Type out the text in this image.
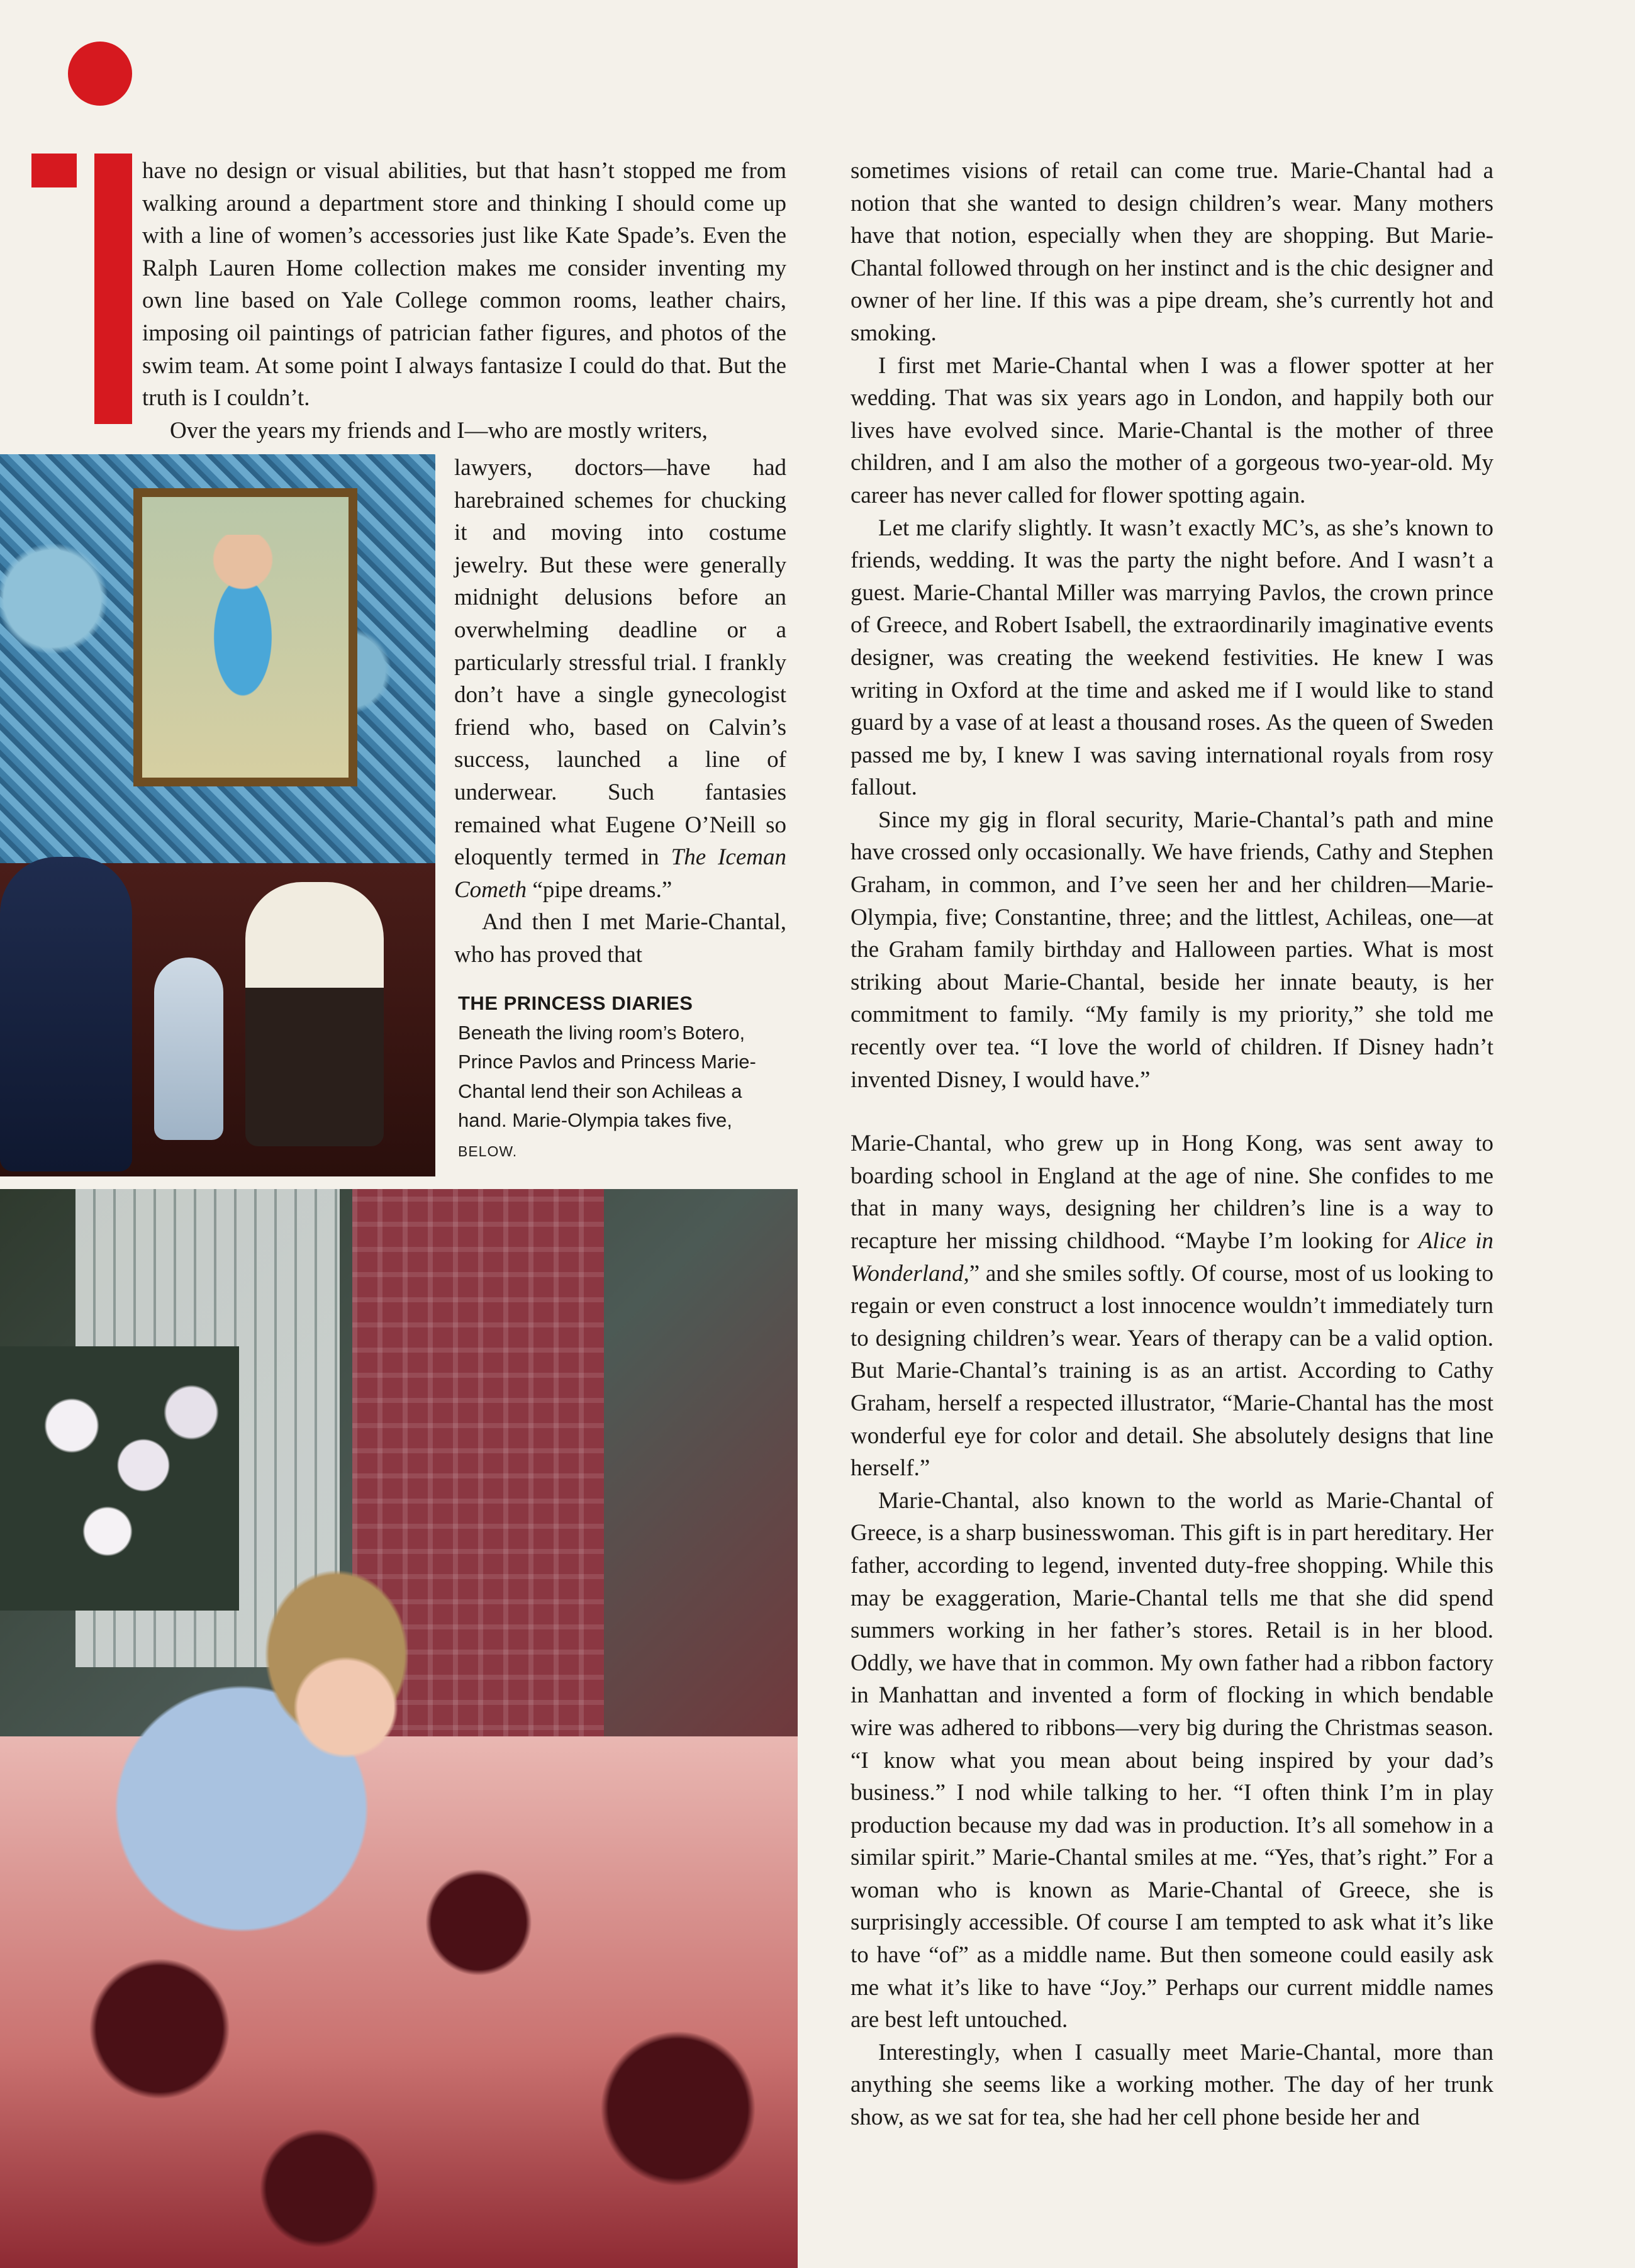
have no design or visual abilities, but that hasn’t stopped me from walking around a department store and thinking I should come up with a line of women’s accessories just like Kate Spade’s. Even the Ralph Lauren Home collection makes me consider inventing my own line based on Yale College common rooms, leather chairs, imposing oil paintings of patrician father figures, and photos of the swim team. At some point I always fantasize I could do that. But the truth is I couldn’t.

Over the years my friends and I—who are mostly writers,

lawyers, doctors—have had harebrained schemes for chucking it and moving into costume jewelry. But these were generally midnight delusions before an overwhelming deadline or a particularly stressful trial. I frankly don’t have a single gynecologist friend who, based on Calvin’s success, launched a line of underwear. Such fantasies remained what Eugene O’Neill so eloquently termed in The Iceman Cometh “pipe dreams.”

And then I met Marie-Chantal, who has proved that

THE PRINCESS DIARIES
Beneath the living room’s Botero, Prince Pavlos and Princess Marie-Chantal lend their son Achileas a hand. Marie-Olympia takes five, BELOW.

sometimes visions of retail can come true. Marie-Chantal had a notion that she wanted to design children’s wear. Many mothers have that notion, especially when they are shopping. But Marie-Chantal followed through on her instinct and is the chic designer and owner of her line. If this was a pipe dream, she’s currently hot and smoking.

I first met Marie-Chantal when I was a flower spotter at her wedding. That was six years ago in London, and happily both our lives have evolved since. Marie-Chantal is the mother of three children, and I am also the mother of a gorgeous two-year-old. My career has never called for flower spotting again.

Let me clarify slightly. It wasn’t exactly MC’s, as she’s known to friends, wedding. It was the party the night before. And I wasn’t a guest. Marie-Chantal Miller was marrying Pavlos, the crown prince of Greece, and Robert Isabell, the extraordinarily imaginative events designer, was creating the weekend festivities. He knew I was writing in Oxford at the time and asked me if I would like to stand guard by a vase of at least a thousand roses. As the queen of Sweden passed me by, I knew I was saving international royals from rosy fallout.

Since my gig in floral security, Marie-Chantal’s path and mine have crossed only occasionally. We have friends, Cathy and Stephen Graham, in common, and I’ve seen her and her children—Marie-Olympia, five; Constantine, three; and the littlest, Achileas, one—at the Graham family birthday and Halloween parties. What is most striking about Marie-Chantal, beside her innate beauty, is her commitment to family. “My family is my priority,” she told me recently over tea. “I love the world of children. If Disney hadn’t invented Disney, I would have.”

Marie-Chantal, who grew up in Hong Kong, was sent away to boarding school in England at the age of nine. She confides to me that in many ways, designing her children’s line is a way to recapture her missing childhood. “Maybe I’m looking for Alice in Wonderland,” and she smiles softly. Of course, most of us looking to regain or even construct a lost innocence wouldn’t immediately turn to designing children’s wear. Years of therapy can be a valid option. But Marie-Chantal’s training is as an artist. According to Cathy Graham, herself a respected illustrator, “Marie-Chantal has the most wonderful eye for color and detail. She absolutely designs that line herself.”

Marie-Chantal, also known to the world as Marie-Chantal of Greece, is a sharp businesswoman. This gift is in part hereditary. Her father, according to legend, invented duty-free shopping. While this may be exaggeration, Marie-Chantal tells me that she did spend summers working in her father’s stores. Retail is in her blood. Oddly, we have that in common. My own father had a ribbon factory in Manhattan and invented a form of flocking in which bendable wire was adhered to ribbons—very big during the Christmas season. “I know what you mean about being inspired by your dad’s business.” I nod while talking to her. “I often think I’m in play production because my dad was in production. It’s all somehow in a similar spirit.” Marie-Chantal smiles at me. “Yes, that’s right.” For a woman who is known as Marie-Chantal of Greece, she is surprisingly accessible. Of course I am tempted to ask what it’s like to have “of” as a middle name. But then someone could easily ask me what it’s like to have “Joy.” Perhaps our current middle names are best left untouched.

Interestingly, when I casually meet Marie-Chantal, more than anything she seems like a working mother. The day of her trunk show, as we sat for tea, she had her cell phone beside her and
